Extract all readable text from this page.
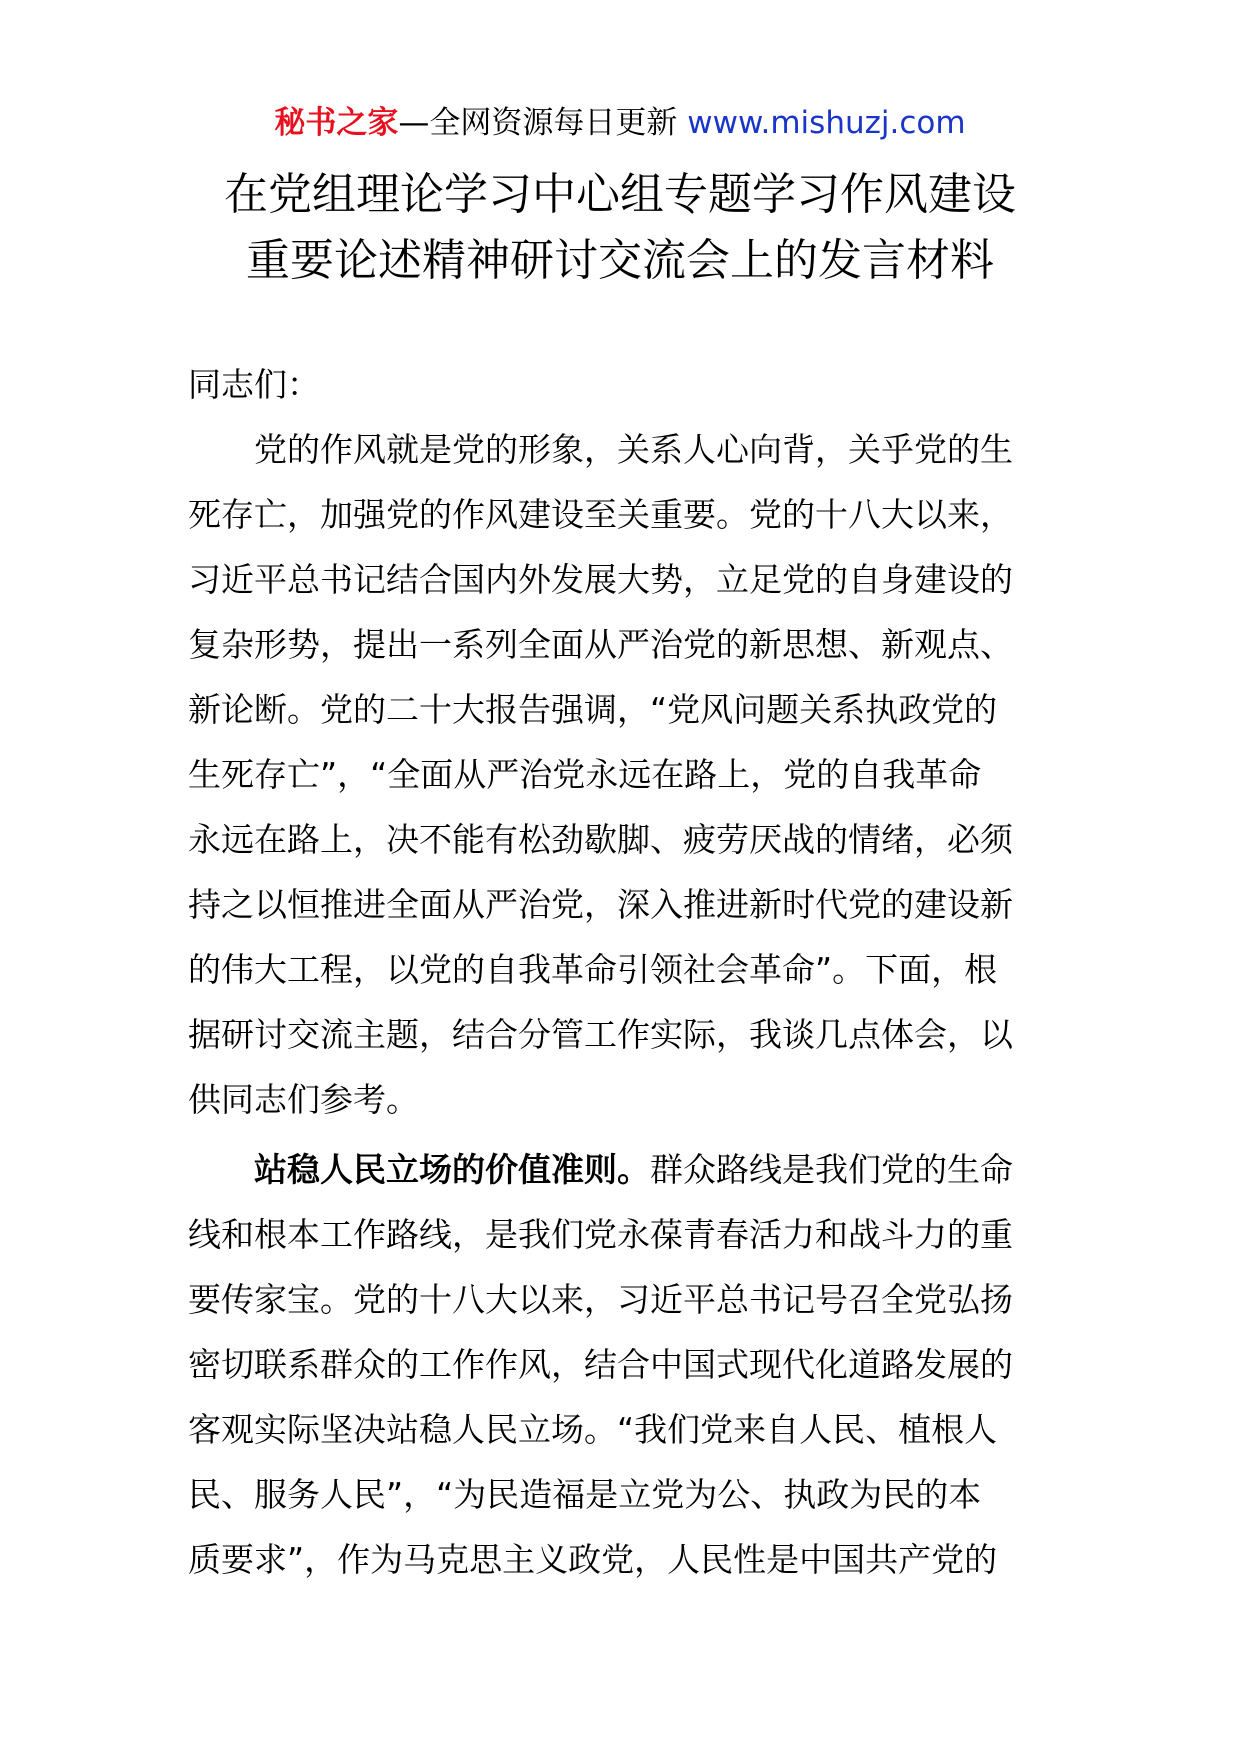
秘书之家—全网资源每日更新 www.mishuzj.com
在党组理论学习中心组专题学习作风建设
重要论述精神研讨交流会上的发言材料
同志们：
　　党的作风就是党的形象，关系人心向背，关乎党的生
死存亡，加强党的作风建设至关重要。党的十八大以来，
习近平总书记结合国内外发展大势，立足党的自身建设的
复杂形势，提出一系列全面从严治党的新思想、新观点、
新论断。党的二十大报告强调，“党风问题关系执政党的
生死存亡”，“全面从严治党永远在路上，党的自我革命
永远在路上，决不能有松劲歇脚、疲劳厌战的情绪，必须
持之以恒推进全面从严治党，深入推进新时代党的建设新
的伟大工程，以党的自我革命引领社会革命”。下面，根
据研讨交流主题，结合分管工作实际，我谈几点体会，以
供同志们参考。
　　站稳人民立场的价值准则。群众路线是我们党的生命
线和根本工作路线，是我们党永葆青春活力和战斗力的重
要传家宝。党的十八大以来，习近平总书记号召全党弘扬
密切联系群众的工作作风，结合中国式现代化道路发展的
客观实际坚决站稳人民立场。“我们党来自人民、植根人
民、服务人民”，“为民造福是立党为公、执政为民的本
质要求”，作为马克思主义政党，人民性是中国共产党的
